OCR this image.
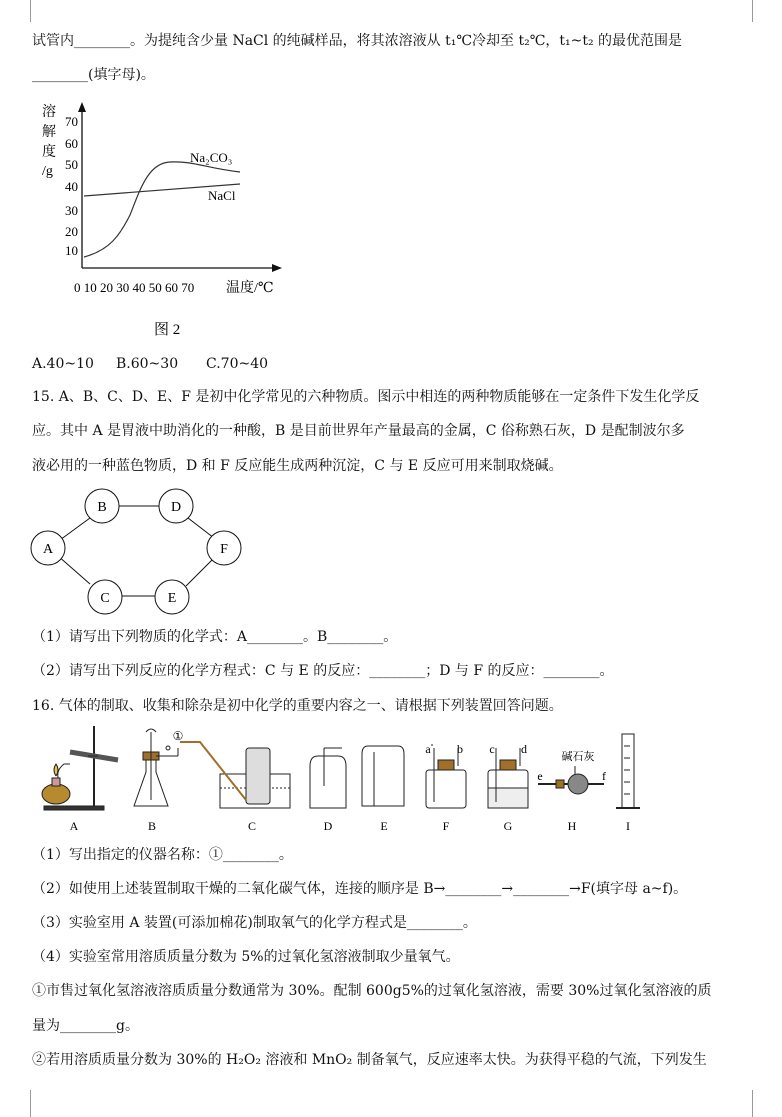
试管内________。为提纯含少量 NaCl 的纯碱样品，将其浓溶液从 t₁℃冷却至 t₂℃，t₁~t₂ 的最优范围是
________(填字母)。
溶
解
度
/g
70
60
50
40
30
20
10
Na₂CO₃
NaCl
0 10 20 30 40 50 60 70 温度/℃
图 2
A.40~10 B.60~30 C.70~40
15. A、B、C、D、E、F 是初中化学常见的六种物质。图示中相连的两种物质能够在一定条件下发生化学反
应。其中 A 是胃液中助消化的一种酸，B 是目前世界年产量最高的金属，C 俗称熟石灰，D 是配制波尔多
液必用的一种蓝色物质，D 和 F 反应能生成两种沉淀，C 与 E 反应可用来制取烧碱。
A
B	D
F
C	E
（1）请写出下列物质的化学式：A________。B________。
（2）请写出下列反应的化学方程式：C 与 E 的反应：________；D 与 F 的反应：________。
16. 气体的制取、收集和除杂是初中化学的重要内容之一、请根据下列装置回答问题。
①
a b c d
e	f
碱石灰
A	B	C	D	E	F	G	H	I
（1）写出指定的仪器名称：①________。
（2）如使用上述装置制取干燥的二氧化碳气体，连接的顺序是 B→________→________→F(填字母 a~f)。
（3）实验室用 A 装置(可添加棉花)制取氧气的化学方程式是________。
（4）实验室常用溶质质量分数为 5%的过氧化氢溶液制取少量氧气。
①市售过氧化氢溶液溶质质量分数通常为 30%。配制 600g5%的过氧化氢溶液，需要 30%过氧化氢溶液的质
量为________g。
②若用溶质质量分数为 30%的 H₂O₂ 溶液和 MnO₂ 制备氧气，反应速率太快。为获得平稳的气流，下列发生
